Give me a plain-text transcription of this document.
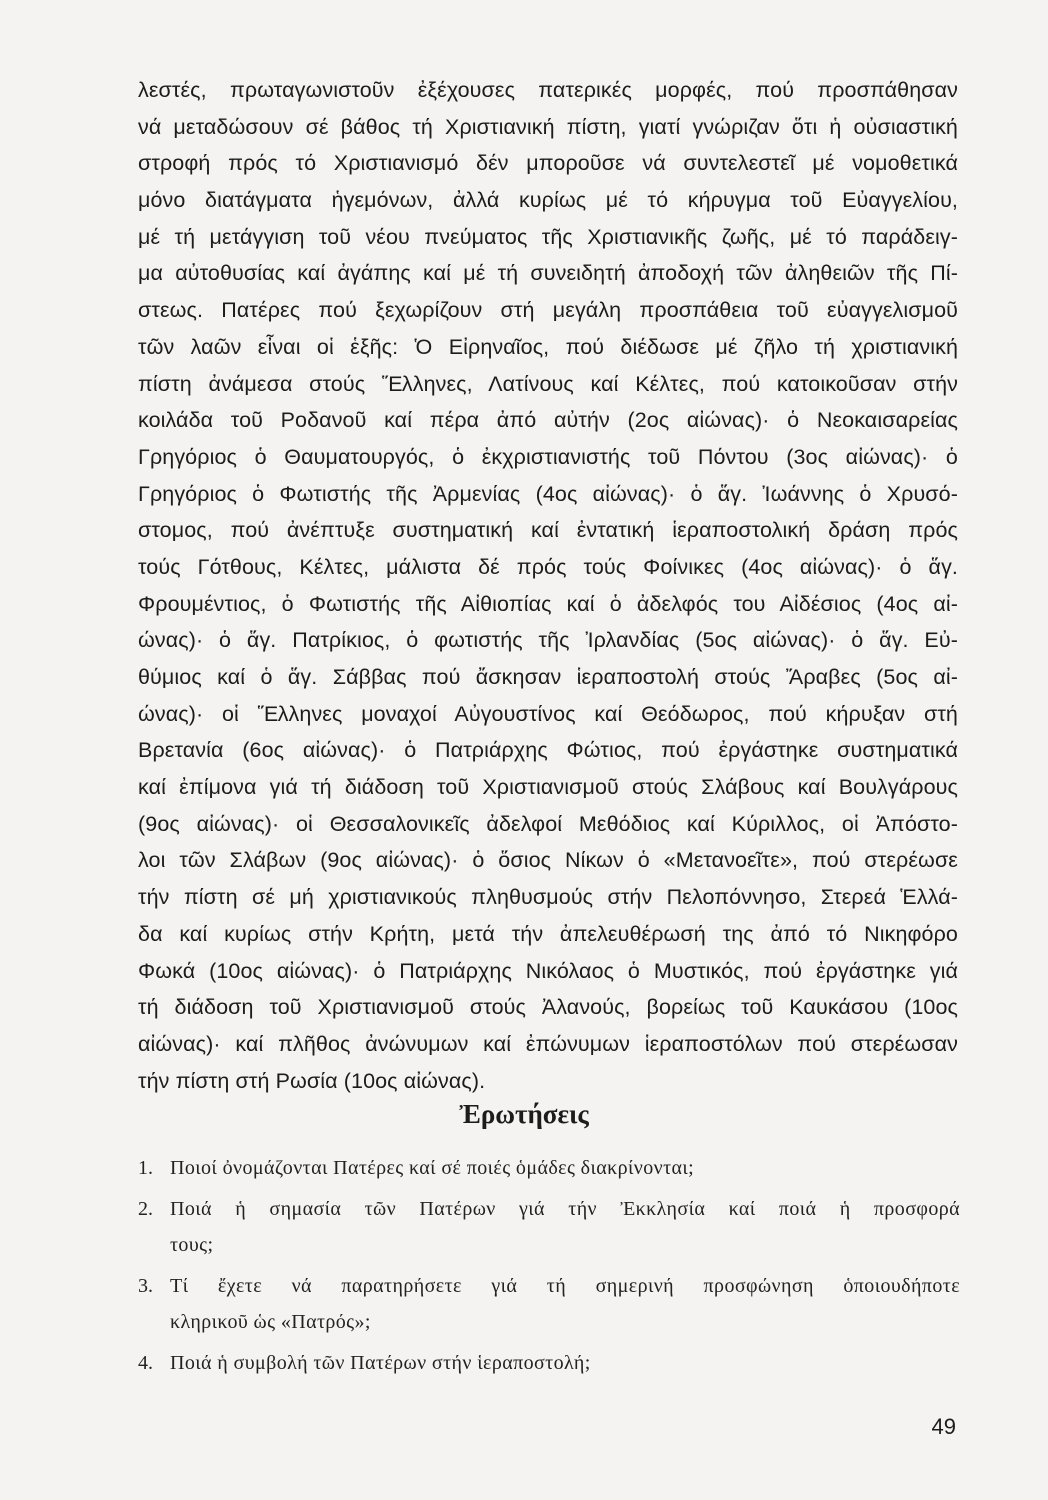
λεστές, πρωταγωνιστοῦν ἐξέχουσες πατερικές μορφές, πού προσπάθησαν
νά μεταδώσουν σέ βάθος τή Χριστιανική πίστη, γιατί γνώριζαν ὅτι ἡ οὐσιαστική
στροφή πρός τό Χριστιανισμό δέν μποροῦσε νά συντελεστεῖ μέ νομοθετικά
μόνο διατάγματα ἡγεμόνων, ἀλλά κυρίως μέ τό κήρυγμα τοῦ Εὐαγγελίου,
μέ τή μετάγγιση τοῦ νέου πνεύματος τῆς Χριστιανικῆς ζωῆς, μέ τό παράδειγ-
μα αὐτοθυσίας καί ἀγάπης καί μέ τή συνειδητή ἀποδοχή τῶν ἀληθειῶν τῆς Πί-
στεως. Πατέρες πού ξεχωρίζουν στή μεγάλη προσπάθεια τοῦ εὐαγγελισμοῦ
τῶν λαῶν εἶναι οἱ ἑξῆς: Ὁ Εἰρηναῖος, πού διέδωσε μέ ζῆλο τή χριστιανική
πίστη ἀνάμεσα στούς Ἕλληνες, Λατίνους καί Κέλτες, πού κατοικοῦσαν στήν
κοιλάδα τοῦ Ροδανοῦ καί πέρα ἀπό αὐτήν (2ος αἰώνας)· ὁ Νεοκαισαρείας
Γρηγόριος ὁ Θαυματουργός, ὁ ἐκχριστιανιστής τοῦ Πόντου (3ος αἰώνας)· ὁ
Γρηγόριος ὁ Φωτιστής τῆς Ἀρμενίας (4ος αἰώνας)· ὁ ἅγ. Ἰωάννης ὁ Χρυσό-
στομος, πού ἀνέπτυξε συστηματική καί ἐντατική ἱεραποστολική δράση πρός
τούς Γότθους, Κέλτες, μάλιστα δέ πρός τούς Φοίνικες (4ος αἰώνας)· ὁ ἅγ.
Φρουμέντιος, ὁ Φωτιστής τῆς Αἰθιοπίας καί ὁ ἀδελφός του Αἰδέσιος (4ος αἰ-
ώνας)· ὁ ἅγ. Πατρίκιος, ὁ φωτιστής τῆς Ἰρλανδίας (5ος αἰώνας)· ὁ ἅγ. Εὐ-
θύμιος καί ὁ ἅγ. Σάββας πού ἄσκησαν ἱεραποστολή στούς Ἄραβες (5ος αἰ-
ώνας)· οἱ Ἕλληνες μοναχοί Αὐγουστίνος καί Θεόδωρος, πού κήρυξαν στή
Βρετανία (6ος αἰώνας)· ὁ Πατριάρχης Φώτιος, πού ἐργάστηκε συστηματικά
καί ἐπίμονα γιά τή διάδοση τοῦ Χριστιανισμοῦ στούς Σλάβους καί Βουλγάρους
(9ος αἰώνας)· οἱ Θεσσαλονικεῖς ἀδελφοί Μεθόδιος καί Κύριλλος, οἱ Ἀπόστο-
λοι τῶν Σλάβων (9ος αἰώνας)· ὁ ὅσιος Νίκων ὁ «Μετανοεῖτε», πού στερέωσε
τήν πίστη σέ μή χριστιανικούς πληθυσμούς στήν Πελοπόννησο, Στερεά Ἑλλά-
δα καί κυρίως στήν Κρήτη, μετά τήν ἀπελευθέρωσή της ἀπό τό Νικηφόρο
Φωκά (10ος αἰώνας)· ὁ Πατριάρχης Νικόλαος ὁ Μυστικός, πού ἐργάστηκε γιά
τή διάδοση τοῦ Χριστιανισμοῦ στούς Ἀλανούς, βορείως τοῦ Καυκάσου (10ος
αἰώνας)· καί πλῆθος ἀνώνυμων καί ἐπώνυμων ἱεραποστόλων πού στερέωσαν
τήν πίστη στή Ρωσία (10ος αἰώνας).
Ἐρωτήσεις
1. Ποιοί ὀνομάζονται Πατέρες καί σέ ποιές ὁμάδες διακρίνονται;
2. Ποιά ἡ σημασία τῶν Πατέρων γιά τήν Ἐκκλησία καί ποιά ἡ προσφορά
τους;
3. Τί ἔχετε νά παρατηρήσετε γιά τή σημερινή προσφώνηση ὁποιουδήποτε
κληρικοῦ ὡς «Πατρός»;
4. Ποιά ἡ συμβολή τῶν Πατέρων στήν ἱεραποστολή;
49
